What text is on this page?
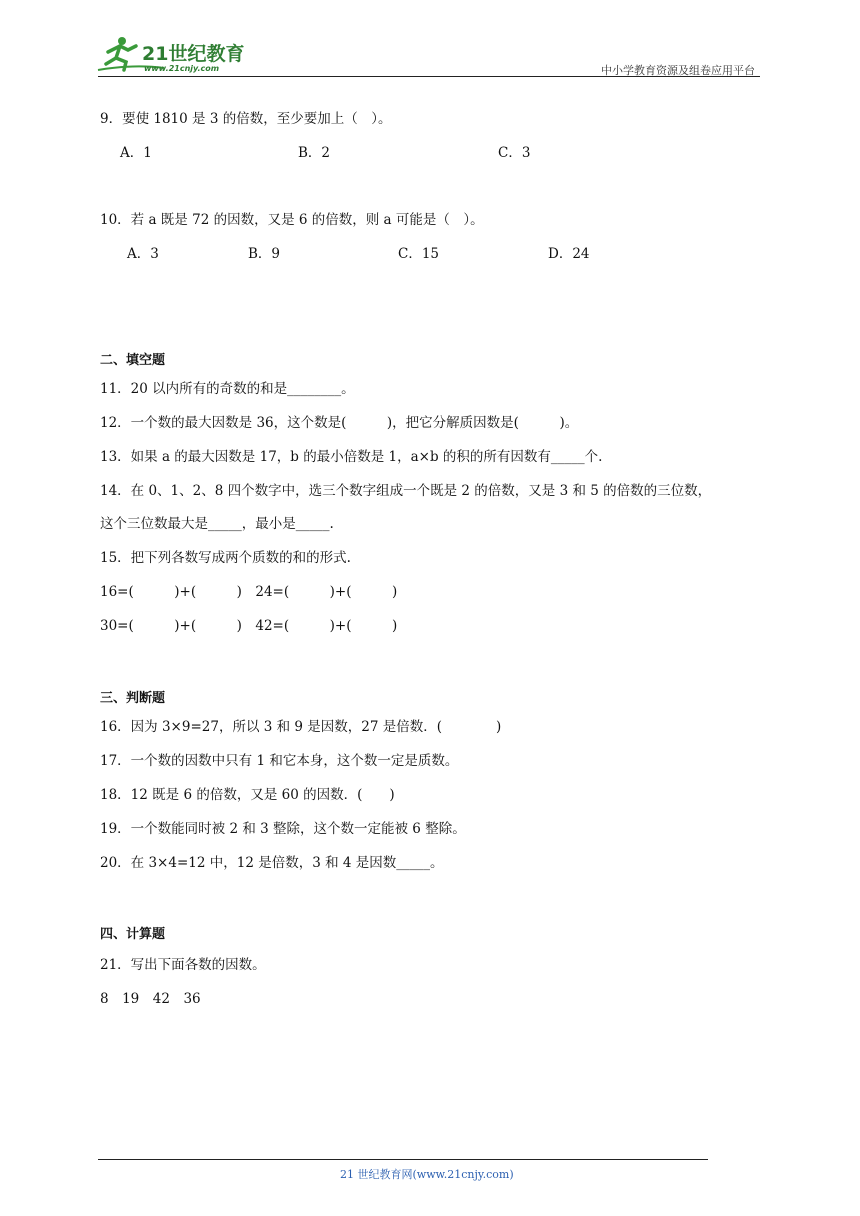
21世纪教育
www.21cnjy.com	中小学教育资源及组卷应用平台
9．要使 1810 是 3 的倍数，至少要加上（　）。
A．1	B．2	C．3
10．若 a 既是 72 的因数，又是 6 的倍数，则 a 可能是（　）。
A．3	B．9	C．15	D．24
二、填空题
11．20 以内所有的奇数的和是________。
12．一个数的最大因数是 36，这个数是(　　　)，把它分解质因数是(　　　)。
13．如果 a 的最大因数是 17，b 的最小倍数是 1，a×b 的积的所有因数有_____个.
14．在 0、1、2、8 四个数字中，选三个数字组成一个既是 2 的倍数，又是 3 和 5 的倍数的三位数，
这个三位数最大是_____，最小是_____.
15．把下列各数写成两个质数的和的形式.
16=(　　　)+(　　　)　24=(　　　)+(　　　)
30=(　　　)+(　　　)　42=(　　　)+(　　　)
三、判断题
16．因为 3×9=27，所以 3 和 9 是因数，27 是倍数．(　　　　)
17．一个数的因数中只有 1 和它本身，这个数一定是质数。
18．12 既是 6 的倍数，又是 60 的因数．(　　)
19．一个数能同时被 2 和 3 整除，这个数一定能被 6 整除。
20．在 3×4=12 中，12 是倍数，3 和 4 是因数_____。
四、计算题
21．写出下面各数的因数。
8　19　42　36
21 世纪教育网(www.21cnjy.com)
